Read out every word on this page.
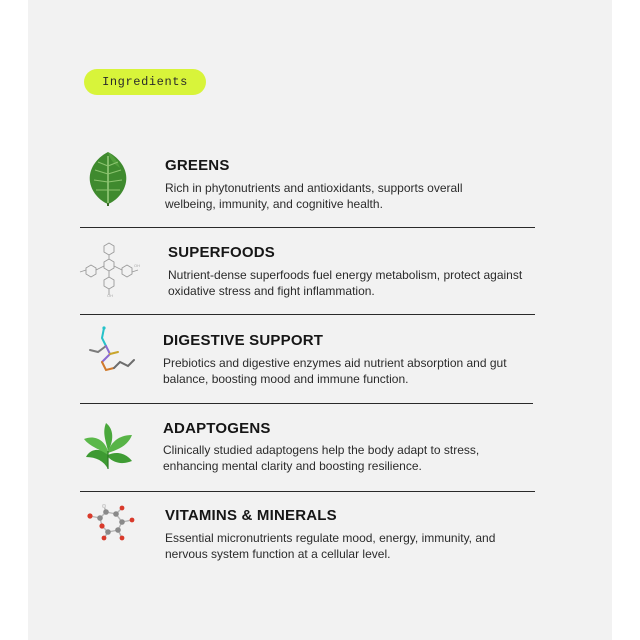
Ingredients
GREENS
Rich in phytonutrients and antioxidants, supports overall welbeing, immunity, and cognitive health.
OH
OH
SUPERFOODS
Nutrient-dense superfoods fuel energy metabolism, protect against oxidative stress and fight inflammation.
DIGESTIVE SUPPORT
Prebiotics and digestive enzymes aid nutrient absorption and gut balance, boosting mood and immune function.
ADAPTOGENS
Clinically studied adaptogens help the body adapt to stress, enhancing mental clarity and boosting resilience.
VITAMINS & MINERALS
Essential micronutrients regulate mood, energy, immunity, and nervous system function at a cellular level.
